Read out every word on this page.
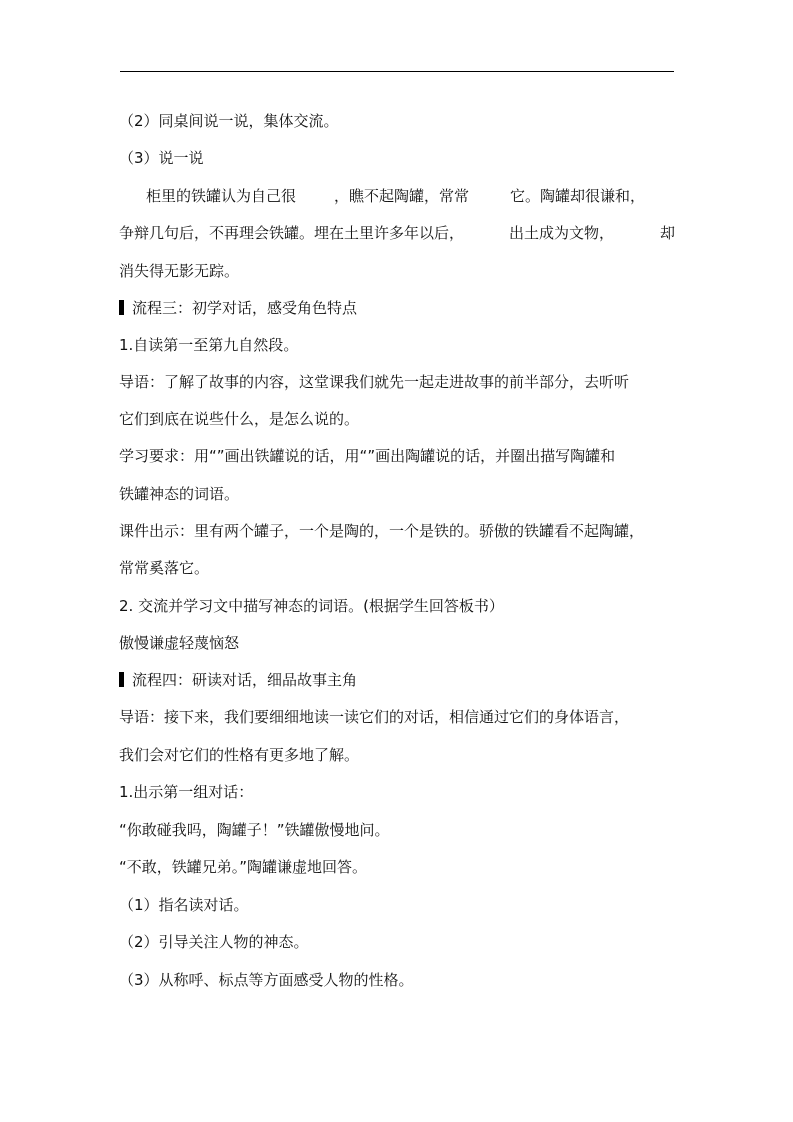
（2）同桌间说一说，集体交流。
（3）说一说
柜里的铁罐认为自己很	，瞧不起陶罐，常常	它。陶罐却很谦和，
争辩几句后，不再理会铁罐。埋在土里许多年以后，	出土成为文物，	却
消失得无影无踪。
流程三：初学对话，感受角色特点
1.自读第一至第九自然段。
导语：了解了故事的内容，这堂课我们就先一起走进故事的前半部分，去听听
它们到底在说些什么，是怎么说的。
学习要求：用“”画出铁罐说的话，用“”画出陶罐说的话，并圈出描写陶罐和
铁罐神态的词语。
课件出示：里有两个罐子，一个是陶的，一个是铁的。骄傲的铁罐看不起陶罐，
常常奚落它。
2. 交流并学习文中描写神态的词语。(根据学生回答板书）
傲慢谦虚轻蔑恼怒
流程四：研读对话，细品故事主角
导语：接下来，我们要细细地读一读它们的对话，相信通过它们的身体语言，
我们会对它们的性格有更多地了解。
1.出示第一组对话：
“你敢碰我吗，陶罐子！”铁罐傲慢地问。
“不敢，铁罐兄弟。”陶罐谦虚地回答。
（1）指名读对话。
（2）引导关注人物的神态。
（3）从称呼、标点等方面感受人物的性格。
